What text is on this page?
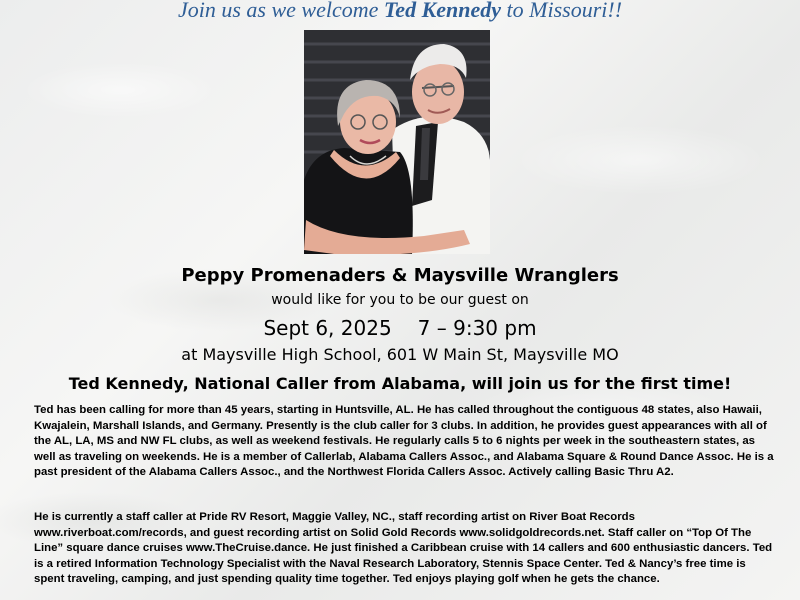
Join us as we welcome Ted Kennedy to Missouri!!
Peppy Promenaders & Maysville Wranglers
would like for you to be our guest on
Sept 6, 2025 7 – 9:30 pm
at Maysville High School, 601 W Main St, Maysville MO
Ted Kennedy, National Caller from Alabama, will join us for the first time!

Ted has been calling for more than 45 years, starting in Huntsville, AL. He has called throughout the contiguous 48 states, also Hawaii, Kwajalein, Marshall Islands, and Germany. Presently is the club caller for 3 clubs. In addition, he provides guest appearances with all of the AL, LA, MS and NW FL clubs, as well as weekend festivals. He regularly calls 5 to 6 nights per week in the southeastern states, as well as traveling on weekends. He is a member of Callerlab, Alabama Callers Assoc., and Alabama Square & Round Dance Assoc. He is a past president of the Alabama Callers Assoc., and the Northwest Florida Callers Assoc. Actively calling Basic Thru A2.

He is currently a staff caller at Pride RV Resort, Maggie Valley, NC., staff recording artist on River Boat Records www.riverboat.com/records, and guest recording artist on Solid Gold Records www.solidgoldrecords.net. Staff caller on “Top Of The Line” square dance cruises www.TheCruise.dance. He just finished a Caribbean cruise with 14 callers and 600 enthusiastic dancers. Ted is a retired Information Technology Specialist with the Naval Research Laboratory, Stennis Space Center. Ted & Nancy’s free time is spent traveling, camping, and just spending quality time together. Ted enjoys playing golf when he gets the chance.
